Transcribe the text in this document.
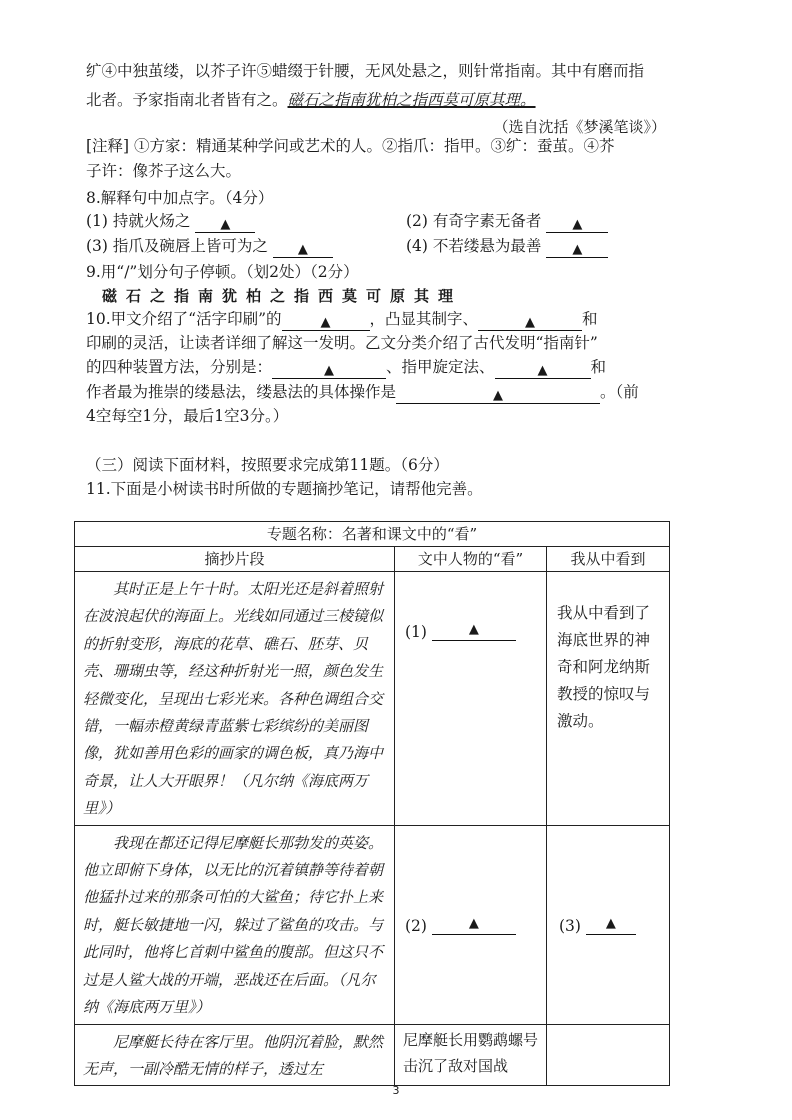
纩④中独茧缕，以芥子许⑤蜡缀于针腰，无风处悬之，则针常指南。其中有磨而指
北者。予家指南北者皆有之。磁石之指南犹柏之指西莫可原其理。
（选自沈括《梦溪笔谈》）
[注释] ①方家：精通某种学问或艺术的人。②指爪：指甲。③纩：蚕茧。④芥
子许：像芥子这么大。
8.解释句中加点字。（4分）
(1) 持就火炀之 ▲	(2) 有奇字素无备者 ▲
(3) 指爪及碗唇上皆可为之 ▲	(4) 不若缕悬为最善 ▲
9.用“/”划分句子停顿。（划2处）（2分）
磁石之指南犹柏之指西莫可原其理
10.甲文介绍了“活字印刷”的	▲	，凸显其制字、	▲	和
印刷的灵活，让读者详细了解这一发明。乙文分类介绍了古代发明“指南针”
的四种装置方法，分别是：	▲	、指甲旋定法、	▲	和
作者最为推崇的缕悬法，缕悬法的具体操作是	▲	。（前
4空每空1分，最后1空3分。）
（三）阅读下面材料，按照要求完成第11题。（6分）
11.下面是小树读书时所做的专题摘抄笔记，请帮他完善。
专题名称：名著和课文中的“看”		
摘抄片段	文中人物的“看”	我从中看到
其时正是上午十时。太阳光还是斜着照射在波浪起伏的海面上。光线如同通过三棱镜似的折射变形，海底的花草、礁石、胚芽、贝壳、珊瑚虫等，经这种折射光一照，颜色发生轻微变化，呈现出七彩光来。各种色调组合交错，一幅赤橙黄绿青蓝紫七彩缤纷的美丽图像，犹如善用色彩的画家的调色板，真乃海中奇景，让人大开眼界！（凡尔纳《海底两万里》）	(1) ▲	我从中看到了海底世界的神奇和阿龙纳斯教授的惊叹与激动。
我现在都还记得尼摩艇长那勃发的英姿。他立即俯下身体，以无比的沉着镇静等待着朝他猛扑过来的那条可怕的大鲨鱼；待它扑上来时，艇长敏捷地一闪，躲过了鲨鱼的攻击。与此同时，他将匕首刺中鲨鱼的腹部。但这只不过是人鲨大战的开端，恶战还在后面。（凡尔纳《海底两万里》）	(2) ▲	(3) ▲

尼摩艇长待在客厅里。他阴沉着脸，默然无声，一副冷酷无情的样子，透过左	尼摩艇长用鹦鹉螺号击沉了敌对国战	
3
